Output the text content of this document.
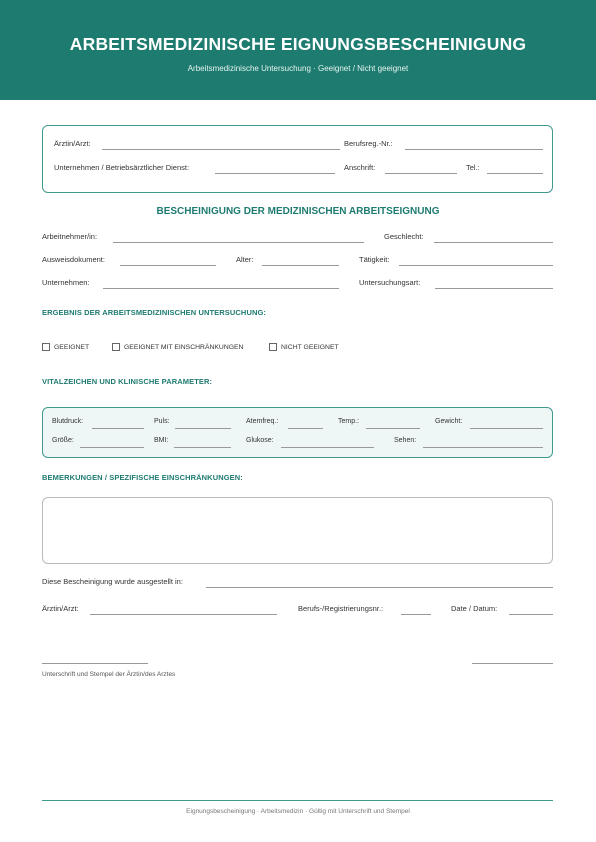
ARBEITSMEDIZINISCHE EIGNUNGSBESCHEINIGUNG
Arbeitsmedizinische Untersuchung · Geeignet / Nicht geeignet
Ärztin/Arzt:	Berufsreg.-Nr.:
Unternehmen / Betriebsärztlicher Dienst:	Anschrift:	Tel.:
BESCHEINIGUNG DER MEDIZINISCHEN ARBEITSEIGNUNG
Arbeitnehmer/in:	Geschlecht:
Ausweisdokument:	Alter:	Tätigkeit:
Unternehmen:	Untersuchungsart:
ERGEBNIS DER ARBEITSMEDIZINISCHEN UNTERSUCHUNG:
GEEIGNET	GEEIGNET MIT EINSCHRÄNKUNGEN	NICHT GEEIGNET
VITALZEICHEN UND KLINISCHE PARAMETER:
Blutdruck:	Puls:	Atemfreq.:	Temp.:	Gewicht:
Größe:	BMI:	Glukose:	Sehen:
BEMERKUNGEN / SPEZIFISCHE EINSCHRÄNKUNGEN:
Diese Bescheinigung wurde ausgestellt in:
Ärztin/Arzt:	Berufs-/Registrierungsnr.:	Date / Datum:
Unterschrift und Stempel der Ärztin/des Arztes
Eignungsbescheinigung · Arbeitsmedizin · Gültig mit Unterschrift und Stempel
